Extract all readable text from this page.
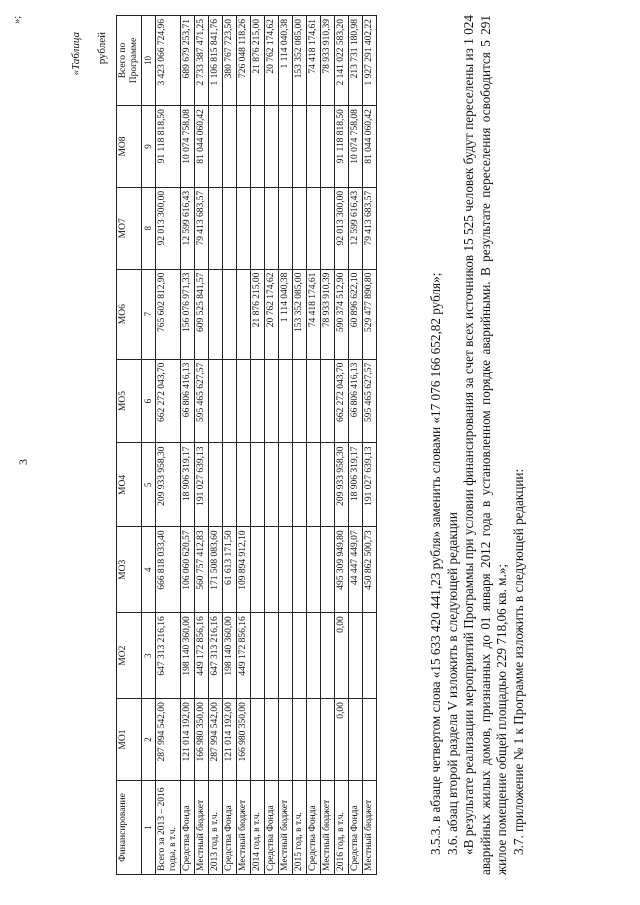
3
»;
«Таблица рублей
Финансирование	МО1	МО2	МО3	МО4	МО5	МО6	МО7	МО8	Всего по Программе
1	2	3	4	5	6	7	8	9	10
Всего за 2013 – 2016 годы, в т.ч.	287 994 542,00	647 313 216,16	666 818 033,40	209 933 958,30	662 272 043,70	765 602 812,90	92 013 300,00	91 118 818,50	3 423 066 724,96
Средства Фонда	121 014 192,00	198 140 360,00	106 060 620,57	18 906 319,17	66 806 416,13	156 076 971,33	12 599 616,43	10 074 758,08	689 679 253,71
Местный бюджет	166 980 350,00	449 172 856,16	560 757 412,83	191 027 639,13	595 465 627,57	609 525 841,57	79 413 683,57	81 044 060,42	2 733 387 471,25
2013 год, в т.ч.	287 994 542,00	647 313 216,16	171 508 083,60						1 106 815 841,76
Средства Фонда	121 014 192,00	198 140 360,00	61 613 171,50						380 767 723,50
Местный бюджет	166 980 350,00	449 172 856,16	109 894 912,10						726 048 118,26
2014 год, в т.ч.						21 876 215,00			21 876 215,00
Средства Фонда						20 762 174,62			20 762 174,62
Местный бюджет						1 114 040,38			1 114 040,38
2015 год, в т.ч.						153 352 085,00			153 352 085,00
Средства Фонда						74 418 174,61			74 418 174,61
Местный бюджет						78 933 910,39			78 933 910,39
2016 год, в т.ч.	0,00	0,00	495 309 949,80	209 933 958,30	662 272 043,70	590 374 512,90	92 013 300,00	91 118 818,50	2 141 022 583,20
Средства Фонда			44 447 449,07	18 906 319,17	66 806 416,13	60 896 622,10	12 599 616,43	10 074 758,08	213 731 180,98
Местный бюджет			450 862 500,73	191 027 639,13	595 465 627,57	529 477 890,80	79 413 683,57	81 044 060,42	1 927 291 402,22

3.5.3. в абзаце четвертом слова «15 633 420 441,23 рубля» заменить словами «17 076 166 652,82 рубля»; 3.6. абзац второй раздела V изложить в следующей редакции «В результате реализации мероприятий Программы при условии финансирования за счет всех источников 15 525 человек будут переселены из 1 024 аварийных жилых домов, признанных до 01 января 2012 года в установленном порядке аварийными. В результате переселения освободится 5 291 жилое помещение общей площадью 229 718,06 кв. м.»; 3.7. приложение № 1 к Программе изложить в следующей редакции:
